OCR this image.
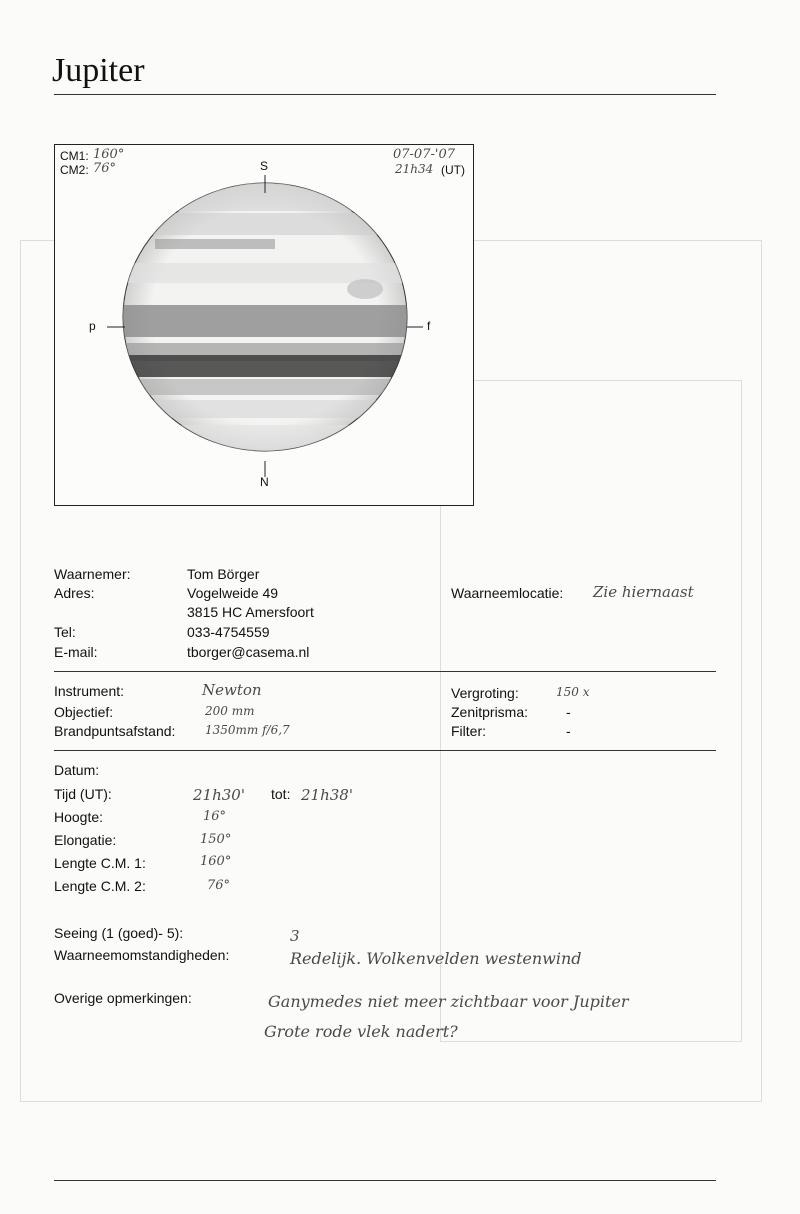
Jupiter
CM1: 160°
CM2: 76°
07-07-'07
21h34 (UT)
S
N
p	f
Waarnemer:	Tom Börger
Adres:	Vogelweide 49
3815 HC Amersfoort
Tel:	033-4754559
E-mail:	tborger@casema.nl
Waarneemlocatie: Zie hiernaast
Instrument:	Newton
Objectief:	200 mm
Brandpuntsafstand: 1350mm f/6,7
Vergroting:	150 x
Zenitprisma:	-
Filter:	-
Datum:
Tijd (UT):	21h30' tot: 21h38'
Hoogte:	16°
Elongatie:	150°
Lengte C.M. 1:	160°
Lengte C.M. 2:	76°
Seeing (1 (goed)- 5):	3
Waarneemomstandigheden:	Redelijk. Wolkenvelden westenwind
Overige opmerkingen:	Ganymedes niet meer zichtbaar voor Jupiter
Grote rode vlek nadert?
